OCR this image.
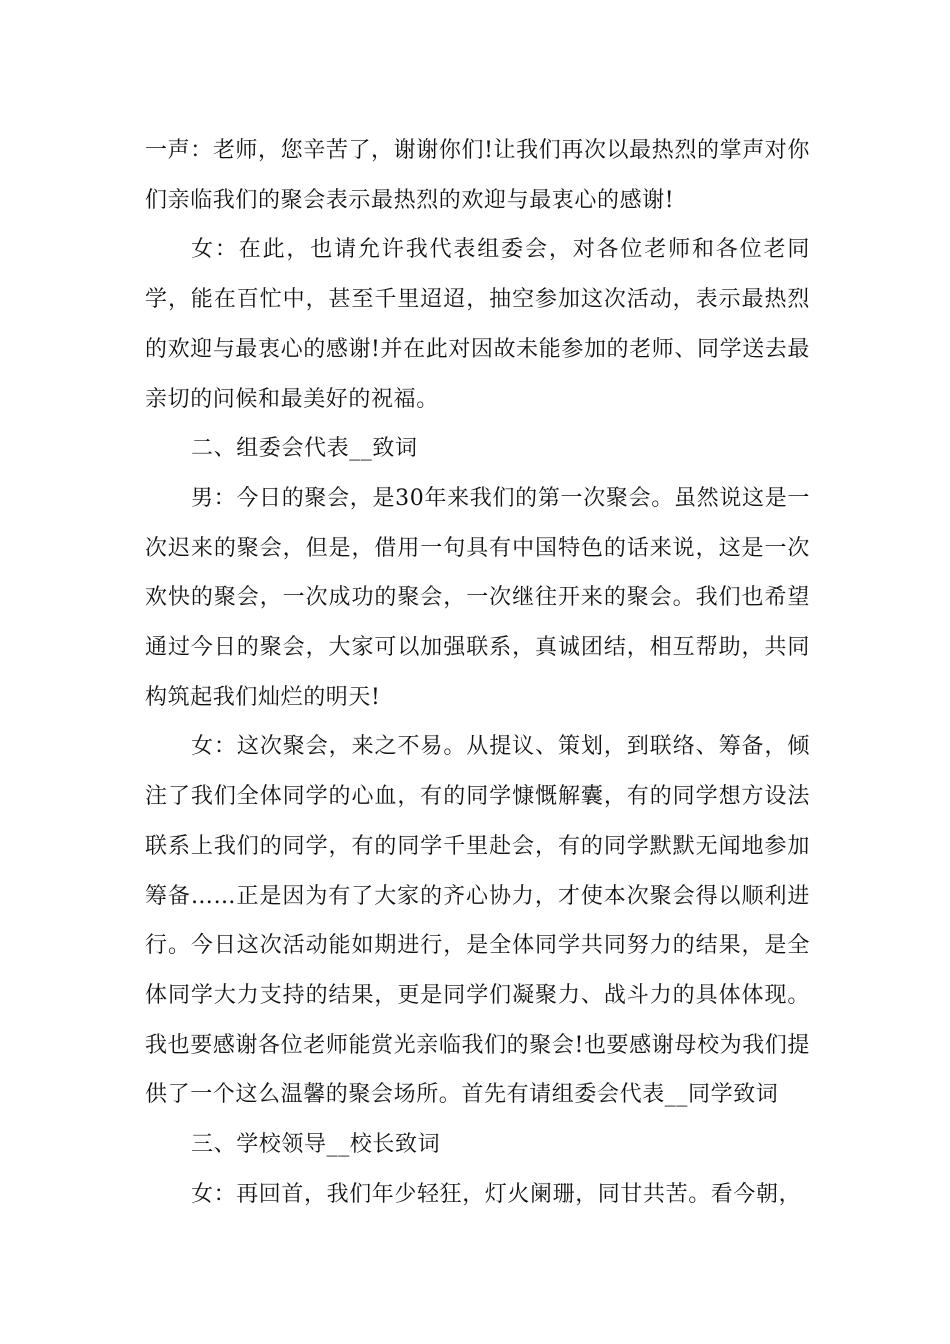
一声：老师，您辛苦了，谢谢你们!让我们再次以最热烈的掌声对你们亲临我们的聚会表示最热烈的欢迎与最衷心的感谢!

女：在此，也请允许我代表组委会，对各位老师和各位老同学，能在百忙中，甚至千里迢迢，抽空参加这次活动，表示最热烈的欢迎与最衷心的感谢!并在此对因故未能参加的老师、同学送去最亲切的问候和最美好的祝福。

二、组委会代表__致词

男：今日的聚会，是30年来我们的第一次聚会。虽然说这是一次迟来的聚会，但是，借用一句具有中国特色的话来说，这是一次欢快的聚会，一次成功的聚会，一次继往开来的聚会。我们也希望通过今日的聚会，大家可以加强联系，真诚团结，相互帮助，共同构筑起我们灿烂的明天!

女：这次聚会，来之不易。从提议、策划，到联络、筹备，倾注了我们全体同学的心血，有的同学慷慨解囊，有的同学想方设法联系上我们的同学，有的同学千里赴会，有的同学默默无闻地参加筹备……正是因为有了大家的齐心协力，才使本次聚会得以顺利进行。今日这次活动能如期进行，是全体同学共同努力的结果，是全体同学大力支持的结果，更是同学们凝聚力、战斗力的具体体现。我也要感谢各位老师能赏光亲临我们的聚会!也要感谢母校为我们提供了一个这么温馨的聚会场所。首先有请组委会代表__同学致词

三、学校领导__校长致词

女：再回首，我们年少轻狂，灯火阑珊，同甘共苦。看今朝，
